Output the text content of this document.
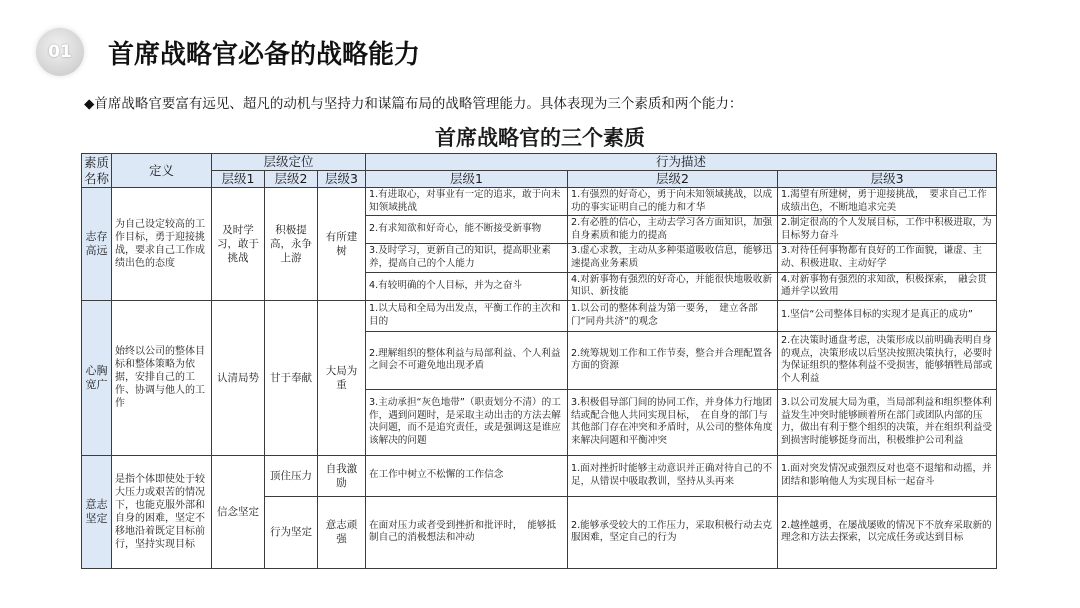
01 首席战略官必备的战略能力
◆首席战略官要富有远见、超凡的动机与坚持力和谋篇布局的战略管理能力。具体表现为三个素质和两个能力：
首席战略官的三个素质
素质名称	定义	层级定位			行为描述		
		层级1	层级2	层级3	层级1	层级2	层级3
志存高远	为自己设定较高的工作目标，勇于迎接挑战，要求自己工作成绩出色的态度	及时学习，敢于挑战	积极提高，永争上游	有所建树	1.有进取心，对事业有一定的追求，敢于向未知领域挑战	1.有强烈的好奇心，勇于向未知领域挑战，以成功的事实证明自己的能力和才华	1.渴望有所建树，勇于迎接挑战，　要求自己工作成绩出色，不断地追求完美
					2.有求知欲和好奇心，能不断接受新事物	2.有必胜的信心，主动去学习各方面知识，加强自身素质和能力的提高	2.制定很高的个人发展目标，工作中积极进取，为目标努力奋斗
					3.及时学习，更新自己的知识，提高职业素养，提高自己的个人能力	3.虚心求教，主动从多种渠道吸收信息，能够迅速提高业务素质	3.对待任何事物都有良好的工作面貌，谦虚、主动、积极进取、主动好学
					4.有较明确的个人目标，并为之奋斗	4.对新事物有强烈的好奇心，并能很快地吸收新知识、新技能	4.对新事物有强烈的求知欲，积极探索，　融会贯通并学以致用
心胸宽广	始终以公司的整体目标和整体策略为依据，安排自己的工作、协调与他人的工作	认清局势	甘于奉献	大局为重	1.以大局和全局为出发点，平衡工作的主次和目的	1.以公司的整体利益为第一要务，　建立各部门“同舟共济”的观念	1.坚信“公司整体目标的实现才是真正的成功”
					2.理解组织的整体利益与局部利益、个人利益之间会不可避免地出现矛盾	2.统筹规划工作和工作节奏，整合并合理配置各方面的资源	2.在决策时通盘考虑，决策形成以前明确表明自身的观点，决策形成以后坚决按照决策执行，必要时为保证组织的整体利益不受损害，能够牺牲局部或个人利益
					3.主动承担“灰色地带”（职责划分不清）的工作，遇到问题时，是采取主动出击的方法去解决问题，而不是追究责任，或是强调这是谁应该解决的问题	3.积极倡导部门间的协同工作，并身体力行地团结或配合他人共同实现目标，　在自身的部门与其他部门存在冲突和矛盾时，从公司的整体角度来解决问题和平衡冲突	3.以公司发展大局为重，当局部利益和组织整体利益发生冲突时能够顾着所在部门或团队内部的压力，做出有利于整个组织的决策，并在组织利益受到损害时能够挺身而出，积极维护公司利益
意志坚定	是指个体即使处于较大压力或艰苦的情况下，也能克服外部和自身的困难，坚定不移地沿着既定目标前行，坚持实现目标	信念坚定	顶住压力	自我激励	在工作中树立不松懈的工作信念	1.面对挫折时能够主动意识并正确对待自己的不足，从错误中吸取教训，坚持从头再来	1.面对突发情况或强烈反对也毫不退缩和动摇，并团结和影响他人为实现目标一起奋斗
			行为坚定	意志顽强	在面对压力或者受到挫折和批评时，　能够抵制自己的消极想法和冲动	2.能够承受较大的工作压力，采取积极行动去克服困难，坚定自己的行为	2.越挫越勇，在屡战屡败的情况下不放弃采取新的理念和方法去探索，以完成任务或达到目标
